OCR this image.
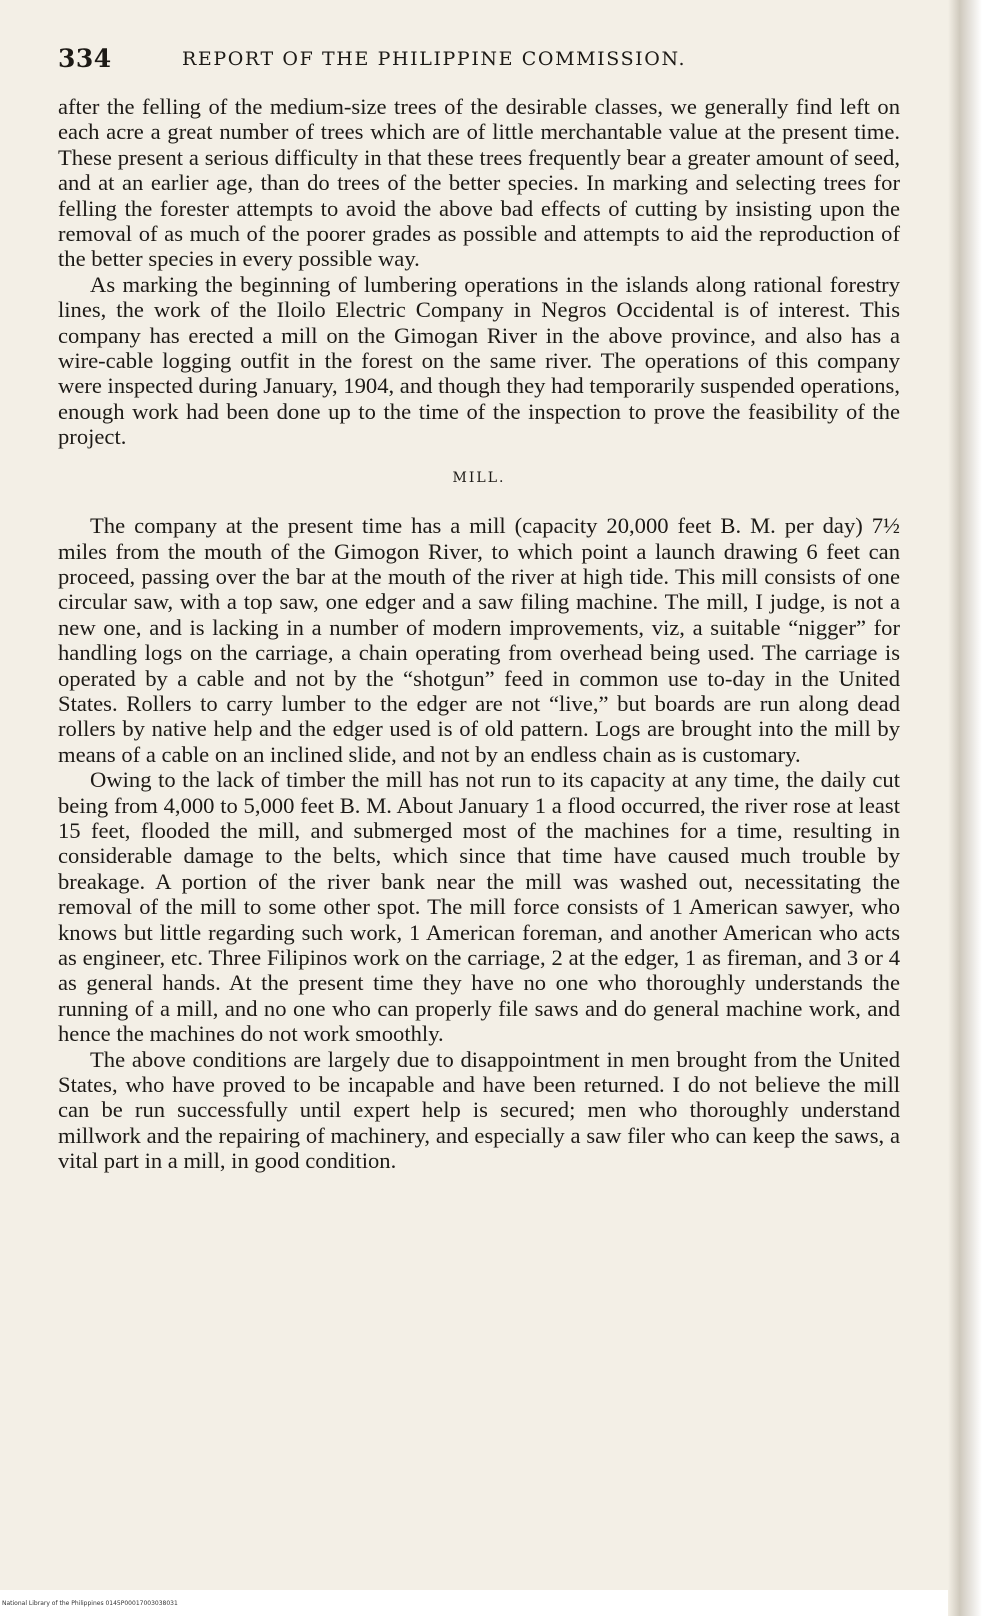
334	REPORT OF THE PHILIPPINE COMMISSION.

after the felling of the medium-size trees of the desirable classes, we generally find left on each acre a great number of trees which are of little merchantable value at the present time. These present a serious difficulty in that these trees frequently bear a greater amount of seed, and at an earlier age, than do trees of the better species. In marking and selecting trees for felling the forester attempts to avoid the above bad effects of cutting by insisting upon the removal of as much of the poorer grades as possible and attempts to aid the reproduction of the better species in every possible way.

As marking the beginning of lumbering operations in the islands along rational forestry lines, the work of the Iloilo Electric Company in Negros Occidental is of interest. This company has erected a mill on the Gimogan River in the above province, and also has a wire-cable logging outfit in the forest on the same river. The operations of this company were inspected during January, 1904, and though they had temporarily suspended operations, enough work had been done up to the time of the inspection to prove the feasibility of the project.

MILL.

The company at the present time has a mill (capacity 20,000 feet B. M. per day) 7½ miles from the mouth of the Gimogon River, to which point a launch drawing 6 feet can proceed, passing over the bar at the mouth of the river at high tide. This mill consists of one circular saw, with a top saw, one edger and a saw filing machine. The mill, I judge, is not a new one, and is lacking in a number of modern improvements, viz, a suitable “nigger” for handling logs on the carriage, a chain operating from overhead being used. The carriage is operated by a cable and not by the “shotgun” feed in common use to-day in the United States. Rollers to carry lumber to the edger are not “live,” but boards are run along dead rollers by native help and the edger used is of old pattern. Logs are brought into the mill by means of a cable on an inclined slide, and not by an endless chain as is customary.

Owing to the lack of timber the mill has not run to its capacity at any time, the daily cut being from 4,000 to 5,000 feet B. M. About January 1 a flood occurred, the river rose at least 15 feet, flooded the mill, and submerged most of the machines for a time, resulting in considerable damage to the belts, which since that time have caused much trouble by breakage. A portion of the river bank near the mill was washed out, necessitating the removal of the mill to some other spot. The mill force consists of 1 American sawyer, who knows but little regarding such work, 1 American foreman, and another American who acts as engineer, etc. Three Filipinos work on the carriage, 2 at the edger, 1 as fireman, and 3 or 4 as general hands. At the present time they have no one who thoroughly understands the running of a mill, and no one who can properly file saws and do general machine work, and hence the machines do not work smoothly.

The above conditions are largely due to disappointment in men brought from the United States, who have proved to be incapable and have been returned. I do not believe the mill can be run successfully until expert help is secured; men who thoroughly understand millwork and the repairing of machinery, and especially a saw filer who can keep the saws, a vital part in a mill, in good condition.

National Library of the Philippines 0145P00017003038031
